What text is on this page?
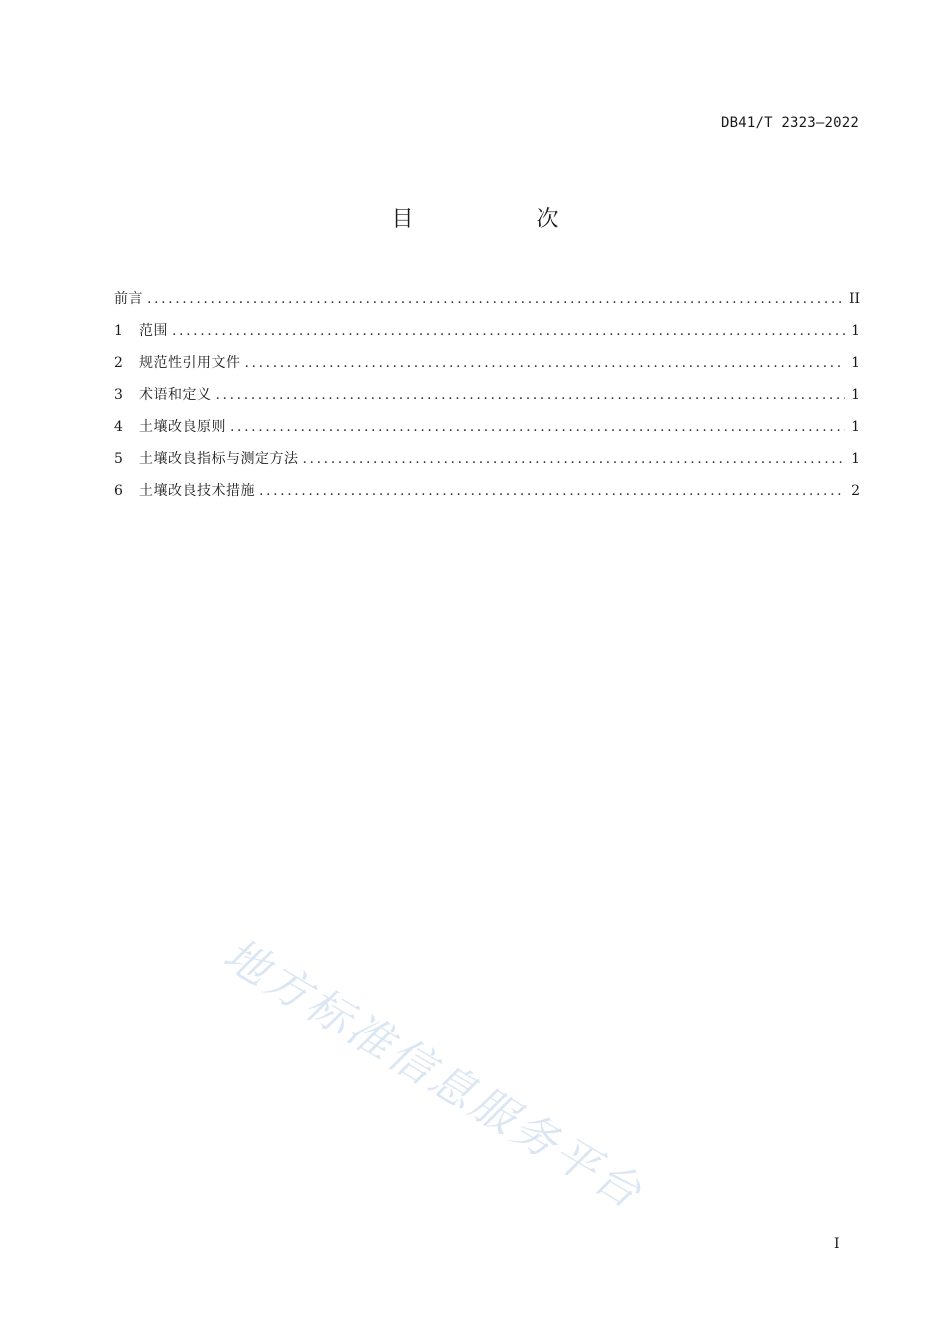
DB41/T 2323—2022
目 次
前言 .....	II
1	范围 .....	1
2	规范性引用文件 .....	1
3	术语和定义 .....	1
4	土壤改良原则 .....	1
5	土壤改良指标与测定方法 .....	1
6	土壤改良技术措施 .....	2
地方标准信息服务平台
I
